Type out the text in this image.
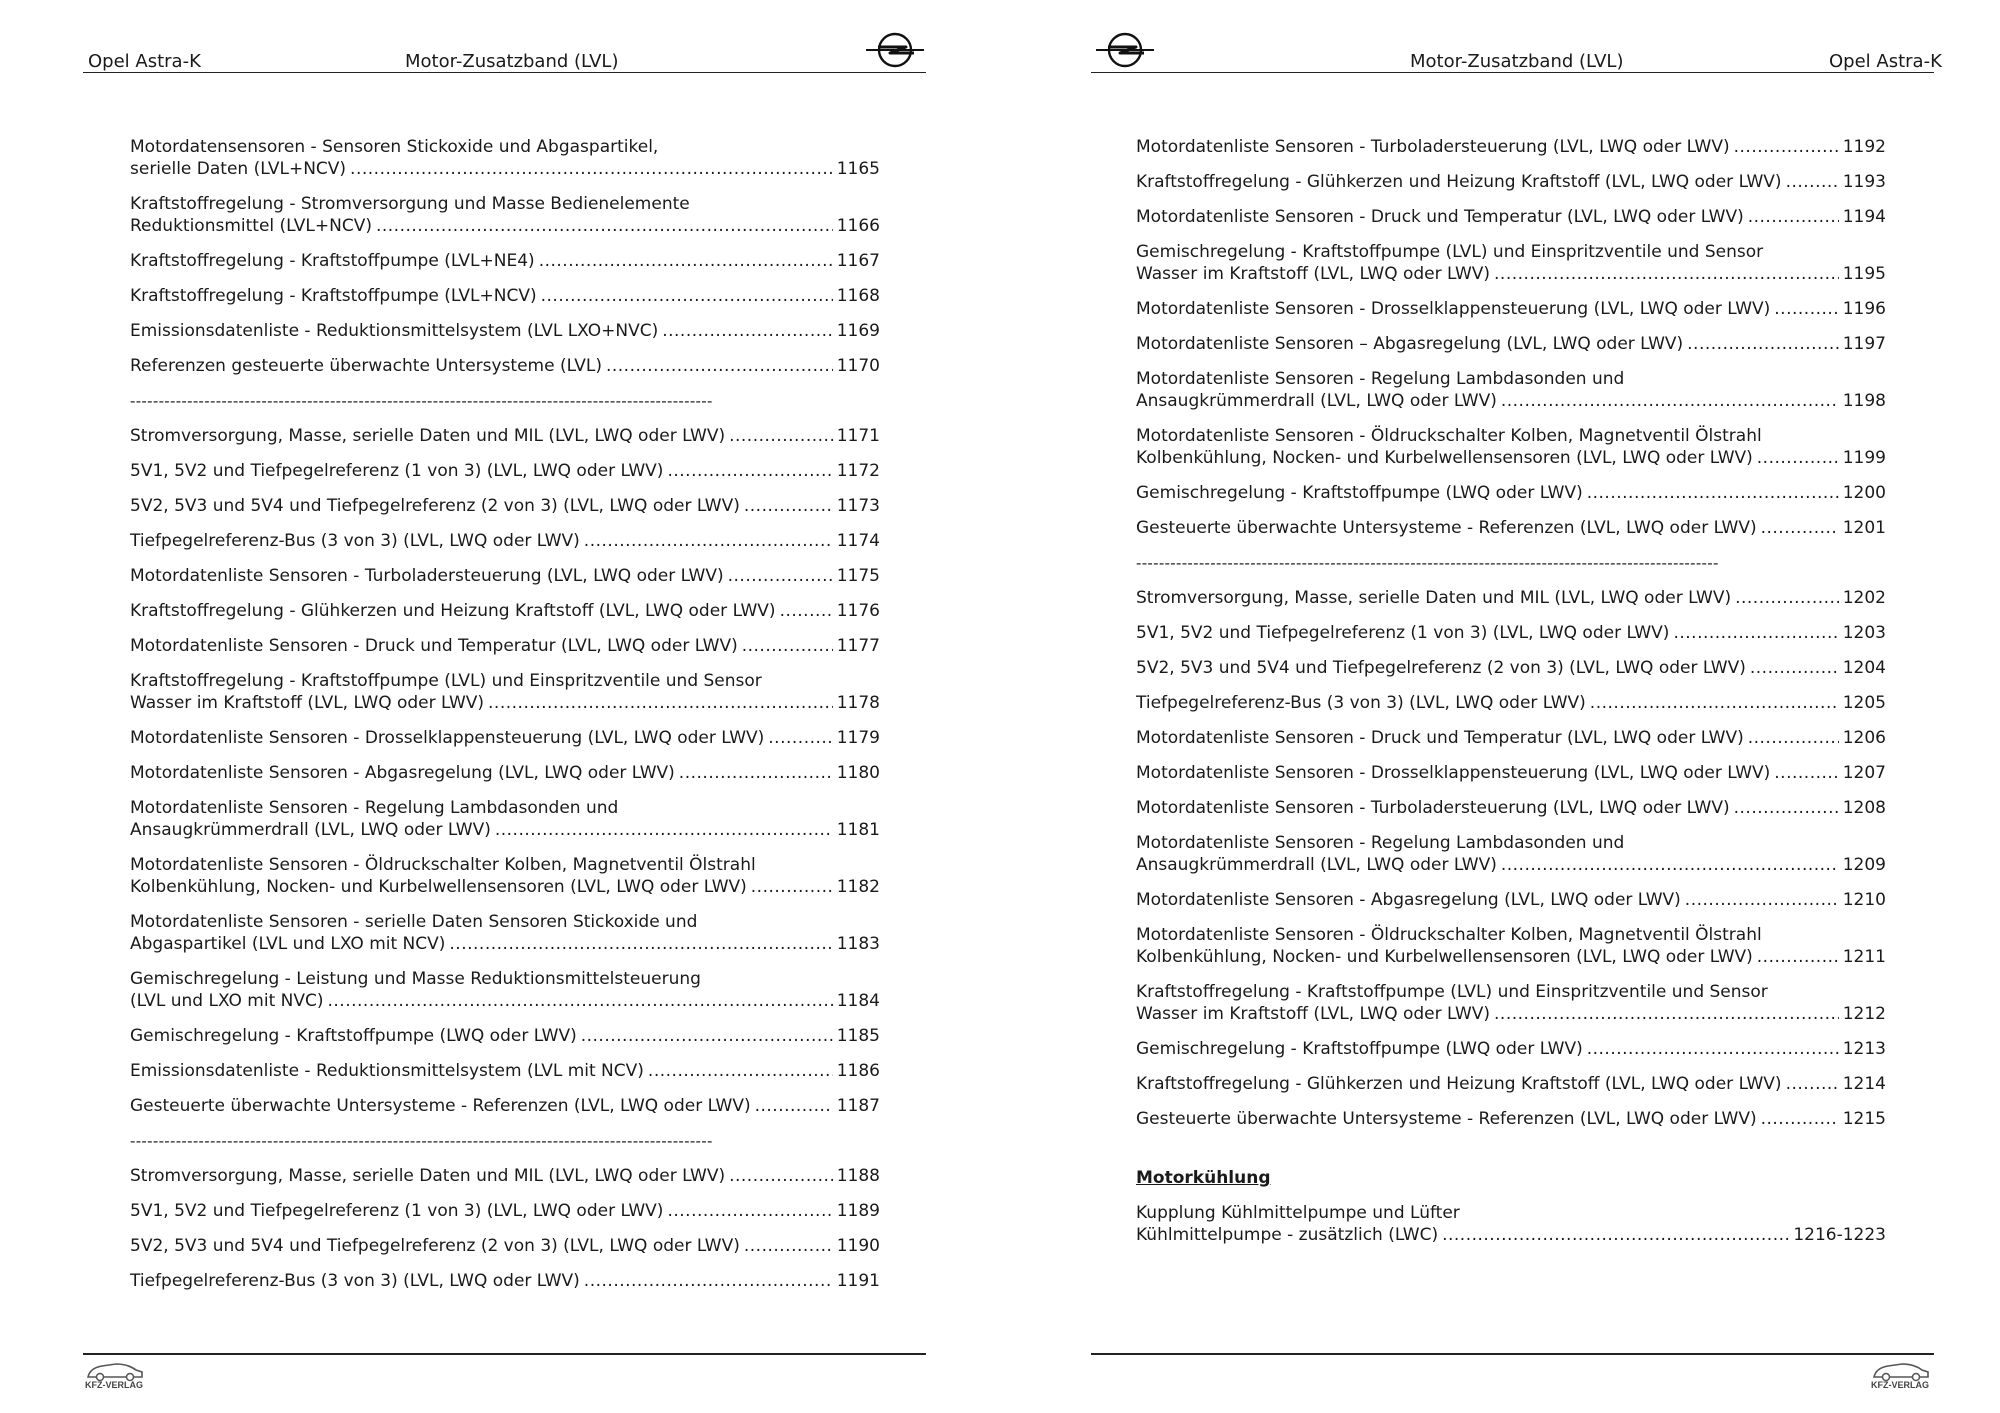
Opel Astra-K	Motor-Zusatzband (LVL)
Motordatensensoren - Sensoren Stickoxide und Abgaspartikel,
serielle Daten (LVL+NCV) .....	1165
Kraftstoffregelung - Stromversorgung und Masse Bedienelemente
Reduktionsmittel (LVL+NCV) .....	1166
Kraftstoffregelung - Kraftstoffpumpe (LVL+NE4) .....	1167
Kraftstoffregelung - Kraftstoffpumpe (LVL+NCV) .....	1168
Emissionsdatenliste - Reduktionsmittelsystem (LVL LXO+NVC) .....	1169
Referenzen gesteuerte überwachte Untersysteme (LVL) .....	1170
------------------------------------------------------------------------------------------------------
Stromversorgung, Masse, serielle Daten und MIL (LVL, LWQ oder LWV) .....	1171
5V1, 5V2 und Tiefpegelreferenz (1 von 3) (LVL, LWQ oder LWV) .....	1172
5V2, 5V3 und 5V4 und Tiefpegelreferenz (2 von 3) (LVL, LWQ oder LWV) .....	1173
Tiefpegelreferenz-Bus (3 von 3) (LVL, LWQ oder LWV) .....	1174
Motordatenliste Sensoren - Turboladersteuerung (LVL, LWQ oder LWV) .....	1175
Kraftstoffregelung - Glühkerzen und Heizung Kraftstoff (LVL, LWQ oder LWV) .....	1176
Motordatenliste Sensoren - Druck und Temperatur (LVL, LWQ oder LWV) .....	1177
Kraftstoffregelung - Kraftstoffpumpe (LVL) und Einspritzventile und Sensor
Wasser im Kraftstoff (LVL, LWQ oder LWV) .....	1178
Motordatenliste Sensoren - Drosselklappensteuerung (LVL, LWQ oder LWV) .....	1179
Motordatenliste Sensoren - Abgasregelung (LVL, LWQ oder LWV) .....	1180
Motordatenliste Sensoren - Regelung Lambdasonden und
Ansaugkrümmerdrall (LVL, LWQ oder LWV) .....	1181
Motordatenliste Sensoren - Öldruckschalter Kolben, Magnetventil Ölstrahl
Kolbenkühlung, Nocken- und Kurbelwellensensoren (LVL, LWQ oder LWV) .....	1182
Motordatenliste Sensoren - serielle Daten Sensoren Stickoxide und
Abgaspartikel (LVL und LXO mit NCV) .....	1183
Gemischregelung - Leistung und Masse Reduktionsmittelsteuerung
(LVL und LXO mit NVC) .....	1184
Gemischregelung - Kraftstoffpumpe (LWQ oder LWV) .....	1185
Emissionsdatenliste - Reduktionsmittelsystem (LVL mit NCV) .....	1186
Gesteuerte überwachte Untersysteme - Referenzen (LVL, LWQ oder LWV) .....	1187
------------------------------------------------------------------------------------------------------
Stromversorgung, Masse, serielle Daten und MIL (LVL, LWQ oder LWV) .....	1188
5V1, 5V2 und Tiefpegelreferenz (1 von 3) (LVL, LWQ oder LWV) .....	1189
5V2, 5V3 und 5V4 und Tiefpegelreferenz (2 von 3) (LVL, LWQ oder LWV) .....	1190
Tiefpegelreferenz-Bus (3 von 3) (LVL, LWQ oder LWV) .....	1191
KFZ-VERLAG
Motor-Zusatzband (LVL)	Opel Astra-K
Motordatenliste Sensoren - Turboladersteuerung (LVL, LWQ oder LWV) .....	1192
Kraftstoffregelung - Glühkerzen und Heizung Kraftstoff (LVL, LWQ oder LWV) .....	1193
Motordatenliste Sensoren - Druck und Temperatur (LVL, LWQ oder LWV) .....	1194
Gemischregelung - Kraftstoffpumpe (LVL) und Einspritzventile und Sensor
Wasser im Kraftstoff (LVL, LWQ oder LWV) .....	1195
Motordatenliste Sensoren - Drosselklappensteuerung (LVL, LWQ oder LWV) .....	1196
Motordatenliste Sensoren – Abgasregelung (LVL, LWQ oder LWV) .....	1197
Motordatenliste Sensoren - Regelung Lambdasonden und
Ansaugkrümmerdrall (LVL, LWQ oder LWV) .....	1198
Motordatenliste Sensoren - Öldruckschalter Kolben, Magnetventil Ölstrahl
Kolbenkühlung, Nocken- und Kurbelwellensensoren (LVL, LWQ oder LWV) .....	1199
Gemischregelung - Kraftstoffpumpe (LWQ oder LWV) .....	1200
Gesteuerte überwachte Untersysteme - Referenzen (LVL, LWQ oder LWV) .....	1201
------------------------------------------------------------------------------------------------------
Stromversorgung, Masse, serielle Daten und MIL (LVL, LWQ oder LWV) .....	1202
5V1, 5V2 und Tiefpegelreferenz (1 von 3) (LVL, LWQ oder LWV) .....	1203
5V2, 5V3 und 5V4 und Tiefpegelreferenz (2 von 3) (LVL, LWQ oder LWV) .....	1204
Tiefpegelreferenz-Bus (3 von 3) (LVL, LWQ oder LWV) .....	1205
Motordatenliste Sensoren - Druck und Temperatur (LVL, LWQ oder LWV) .....	1206
Motordatenliste Sensoren - Drosselklappensteuerung (LVL, LWQ oder LWV) .....	1207
Motordatenliste Sensoren - Turboladersteuerung (LVL, LWQ oder LWV) .....	1208
Motordatenliste Sensoren - Regelung Lambdasonden und
Ansaugkrümmerdrall (LVL, LWQ oder LWV) .....	1209
Motordatenliste Sensoren - Abgasregelung (LVL, LWQ oder LWV) .....	1210
Motordatenliste Sensoren - Öldruckschalter Kolben, Magnetventil Ölstrahl
Kolbenkühlung, Nocken- und Kurbelwellensensoren (LVL, LWQ oder LWV) .....	1211
Kraftstoffregelung - Kraftstoffpumpe (LVL) und Einspritzventile und Sensor
Wasser im Kraftstoff (LVL, LWQ oder LWV) .....	1212
Gemischregelung - Kraftstoffpumpe (LWQ oder LWV) .....	1213
Kraftstoffregelung - Glühkerzen und Heizung Kraftstoff (LVL, LWQ oder LWV) .....	1214
Gesteuerte überwachte Untersysteme - Referenzen (LVL, LWQ oder LWV) .....	1215
Motorkühlung
Kupplung Kühlmittelpumpe und Lüfter
Kühlmittelpumpe - zusätzlich (LWC) .....	1216-1223
KFZ-VERLAG
